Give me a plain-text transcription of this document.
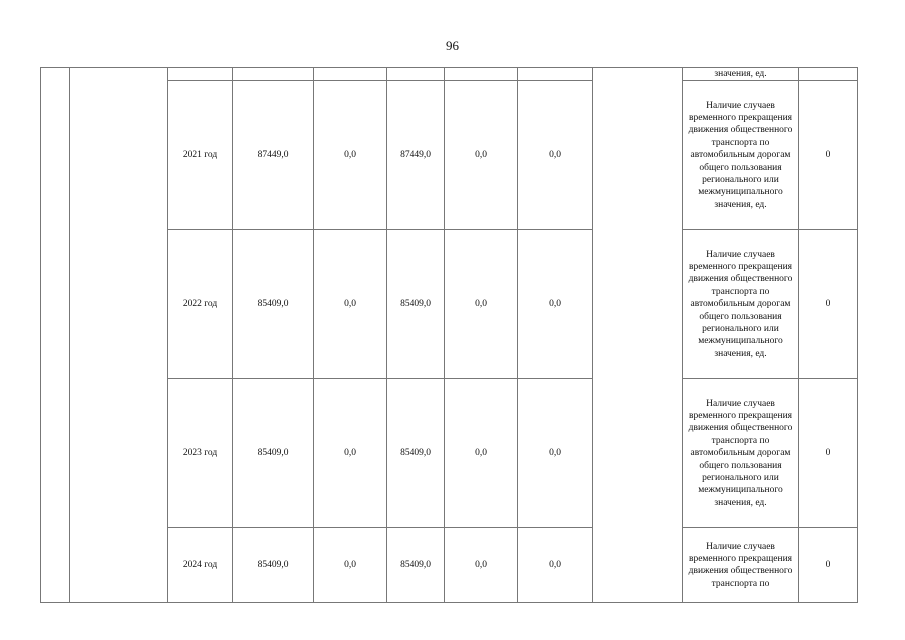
96
									значения, ед.	
		2021 год	87449,0	0,0	87449,0	0,0	0,0		Наличие случаев временного прекращения движения общественного транспорта по автомобильным дорогам общего пользования регионального или межмуниципального значения, ед.	0
		2022 год	85409,0	0,0	85409,0	0,0	0,0		Наличие случаев временного прекращения движения общественного транспорта по автомобильным дорогам общего пользования регионального или межмуниципального значения, ед.	0
		2023 год	85409,0	0,0	85409,0	0,0	0,0		Наличие случаев временного прекращения движения общественного транспорта по автомобильным дорогам общего пользования регионального или межмуниципального значения, ед.	0
		2024 год	85409,0	0,0	85409,0	0,0	0,0		Наличие случаев временного прекращения движения общественного транспорта по	0
